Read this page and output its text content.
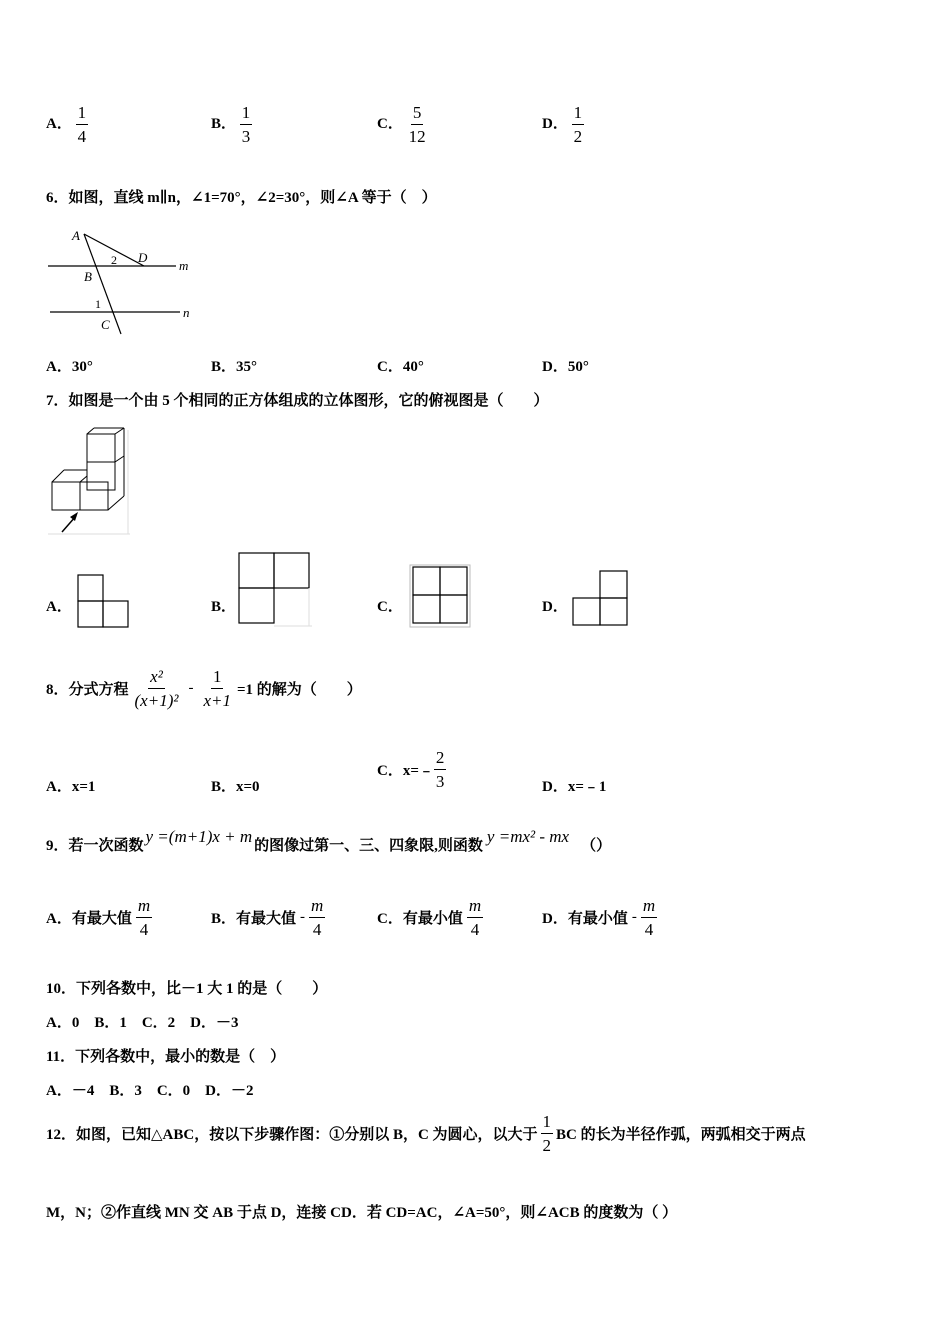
A． $\frac{1}{4}$	B． $\frac{1}{3}$	C． $\frac{5}{12}$	D． $\frac{1}{2}$
6．如图，直线 m∥n，∠1=70°，∠2=30°，则∠A 等于（　）
A
B
C
D
m
n
1
2
A．30°	B．35°	C．40°	D．50°
7．如图是一个由 5 个相同的正方体组成的立体图形，它的俯视图是（　　）
A．	B．	C．	D．
8．分式方程 $\frac{\text{x²}}{\text{(x+1)²}} - \frac{1}{x+1} =1$ 的解为（　　）
A．x=1	B．x=0
C．x=﹣ $\frac{2}{3}$	D．x=﹣1
9．若一次函数 y =(m+1)x + m 的图像过第一、三、四象限,则函数 y =mx² - mx （）
A．有最大值 $\frac{m}{4}$	B．有最大值 - $\frac{m}{4}$	C．有最小值 $\frac{m}{4}$	D．有最小值 - $\frac{m}{4}$
10．下列各数中，比－1 大 1 的是（　　）
A．0　B．1　C．2　D．－3
11．下列各数中，最小的数是（　）
A．－4　B．3　C．0　D．－2
12．如图，已知△ABC，按以下步骤作图：①分别以 B，C 为圆心，以大于 $\frac{1}{2}$ BC 的长为半径作弧，两弧相交于两点
M，N；②作直线 MN 交 AB 于点 D，连接 CD．若 CD=AC，∠A=50°，则∠ACB 的度数为（ ）
